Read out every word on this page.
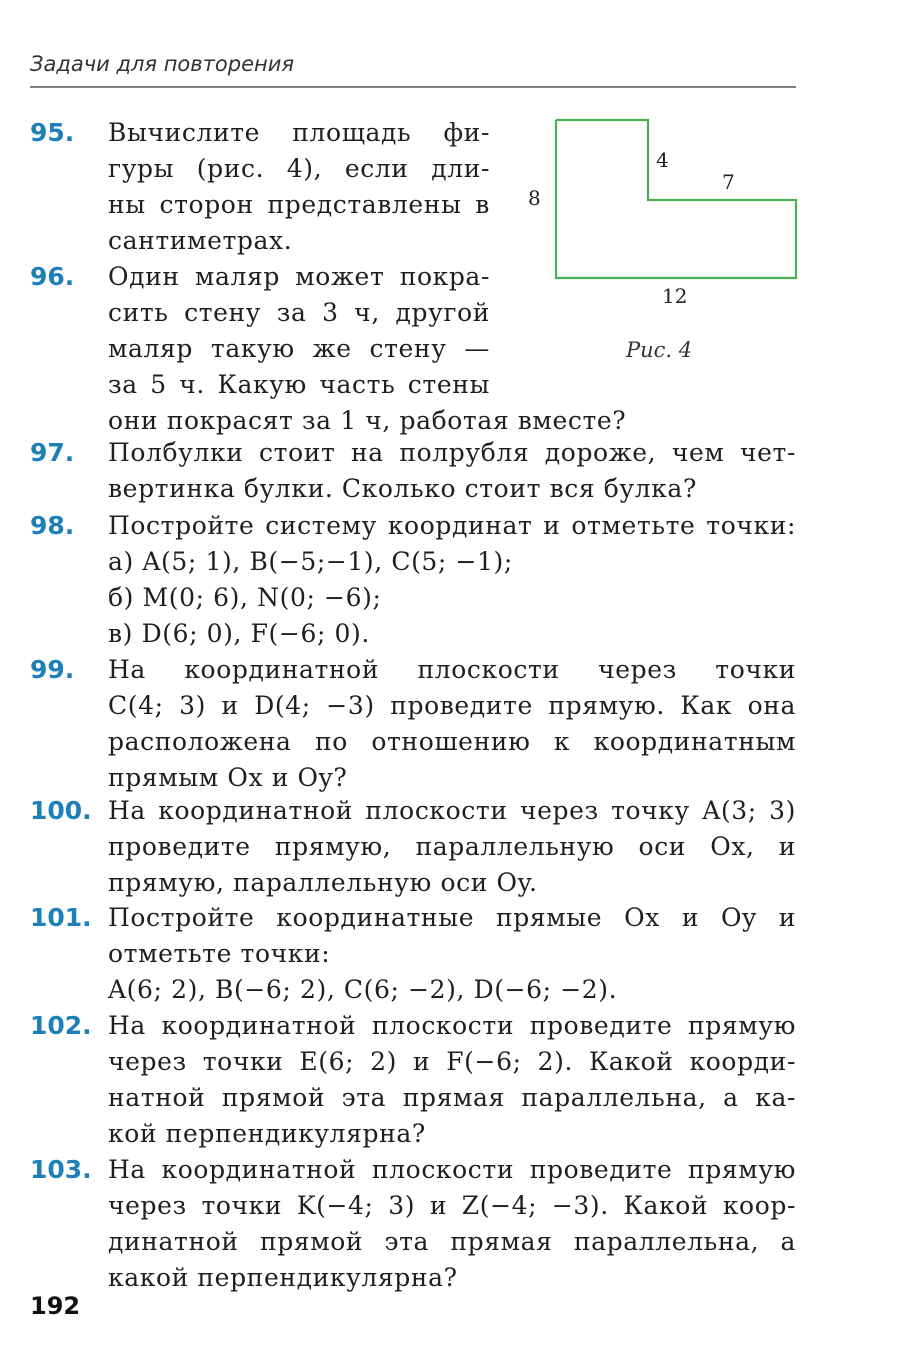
Задачи для повторения
8
4
7
12
Рис. 4
95. Вычислите площадь фи-
гуры (рис. 4), если дли-
ны сторон представлены в
сантиметрах.
96. Один маляр может покра-
сить стену за 3 ч, другой
маляр такую же стену —
за 5 ч. Какую часть стены
они покрасят за 1 ч, работая вместе?
97. Полбулки стоит на полрубля дороже, чем чет-
вертинка булки. Сколько стоит вся булка?
98. Постройте систему координат и отметьте точки:
а) A(5; 1), B(−5;−1), C(5; −1);
б) M(0; 6), N(0; −6);
в) D(6; 0), F(−6; 0).
99. На координатной плоскости через точки
C(4; 3) и D(4; −3) проведите прямую. Как она
расположена по отношению к координатным
прямым Ox и Oy?
100. На координатной плоскости через точку A(3; 3)
проведите прямую, параллельную оси Ox, и
прямую, параллельную оси Oy.
101. Постройте координатные прямые Ox и Oy и
отметьте точки:
A(6; 2), B(−6; 2), C(6; −2), D(−6; −2).
102. На координатной плоскости проведите прямую
через точки E(6; 2) и F(−6; 2). Какой коорди-
натной прямой эта прямая параллельна, а ка-
кой перпендикулярна?
103. На координатной плоскости проведите прямую
через точки K(−4; 3) и Z(−4; −3). Какой коор-
динатной прямой эта прямая параллельна, а
какой перпендикулярна?
192
